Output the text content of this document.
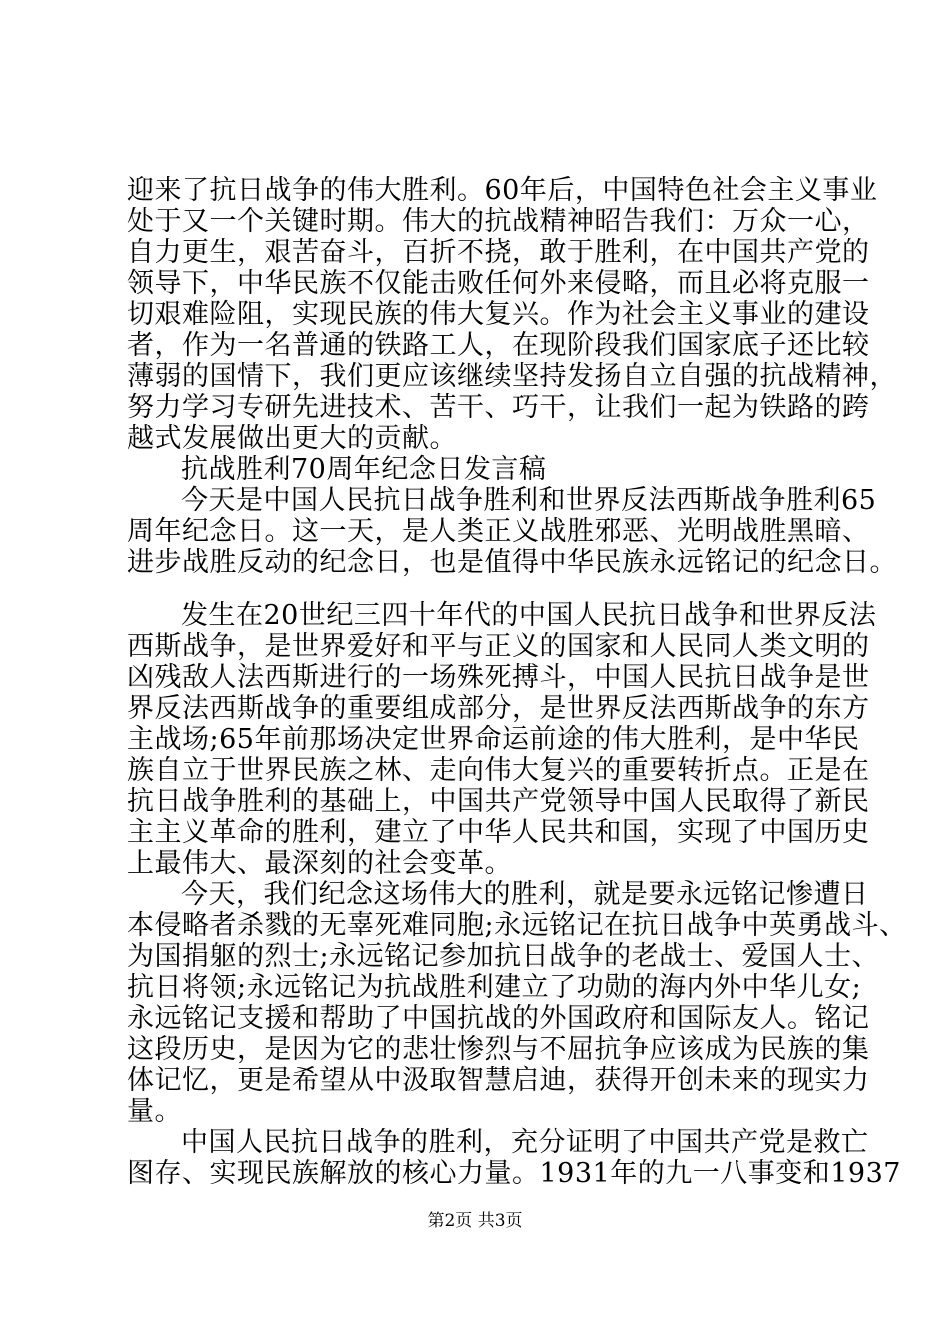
迎来了抗日战争的伟大胜利。60年后，中国特色社会主义事业
处于又一个关键时期。伟大的抗战精神昭告我们：万众一心，
自力更生，艰苦奋斗，百折不挠，敢于胜利，在中国共产党的
领导下，中华民族不仅能击败任何外来侵略，而且必将克服一
切艰难险阻，实现民族的伟大复兴。作为社会主义事业的建设
者，作为一名普通的铁路工人，在现阶段我们国家底子还比较
薄弱的国情下，我们更应该继续坚持发扬自立自强的抗战精神，
努力学习专研先进技术、苦干、巧干，让我们一起为铁路的跨
越式发展做出更大的贡献。
抗战胜利70周年纪念日发言稿
今天是中国人民抗日战争胜利和世界反法西斯战争胜利65
周年纪念日。这一天，是人类正义战胜邪恶、光明战胜黑暗、
进步战胜反动的纪念日，也是值得中华民族永远铭记的纪念日。
发生在20世纪三四十年代的中国人民抗日战争和世界反法
西斯战争，是世界爱好和平与正义的国家和人民同人类文明的
凶残敌人法西斯进行的一场殊死搏斗，中国人民抗日战争是世
界反法西斯战争的重要组成部分，是世界反法西斯战争的东方
主战场;65年前那场决定世界命运前途的伟大胜利，是中华民
族自立于世界民族之林、走向伟大复兴的重要转折点。正是在
抗日战争胜利的基础上，中国共产党领导中国人民取得了新民
主主义革命的胜利，建立了中华人民共和国，实现了中国历史
上最伟大、最深刻的社会变革。
今天，我们纪念这场伟大的胜利，就是要永远铭记惨遭日
本侵略者杀戮的无辜死难同胞;永远铭记在抗日战争中英勇战斗、
为国捐躯的烈士;永远铭记参加抗日战争的老战士、爱国人士、
抗日将领;永远铭记为抗战胜利建立了功勋的海内外中华儿女;
永远铭记支援和帮助了中国抗战的外国政府和国际友人。铭记
这段历史，是因为它的悲壮惨烈与不屈抗争应该成为民族的集
体记忆，更是希望从中汲取智慧启迪，获得开创未来的现实力
量。
中国人民抗日战争的胜利，充分证明了中国共产党是救亡
图存、实现民族解放的核心力量。1931年的九一八事变和1937
第2页 共3页
